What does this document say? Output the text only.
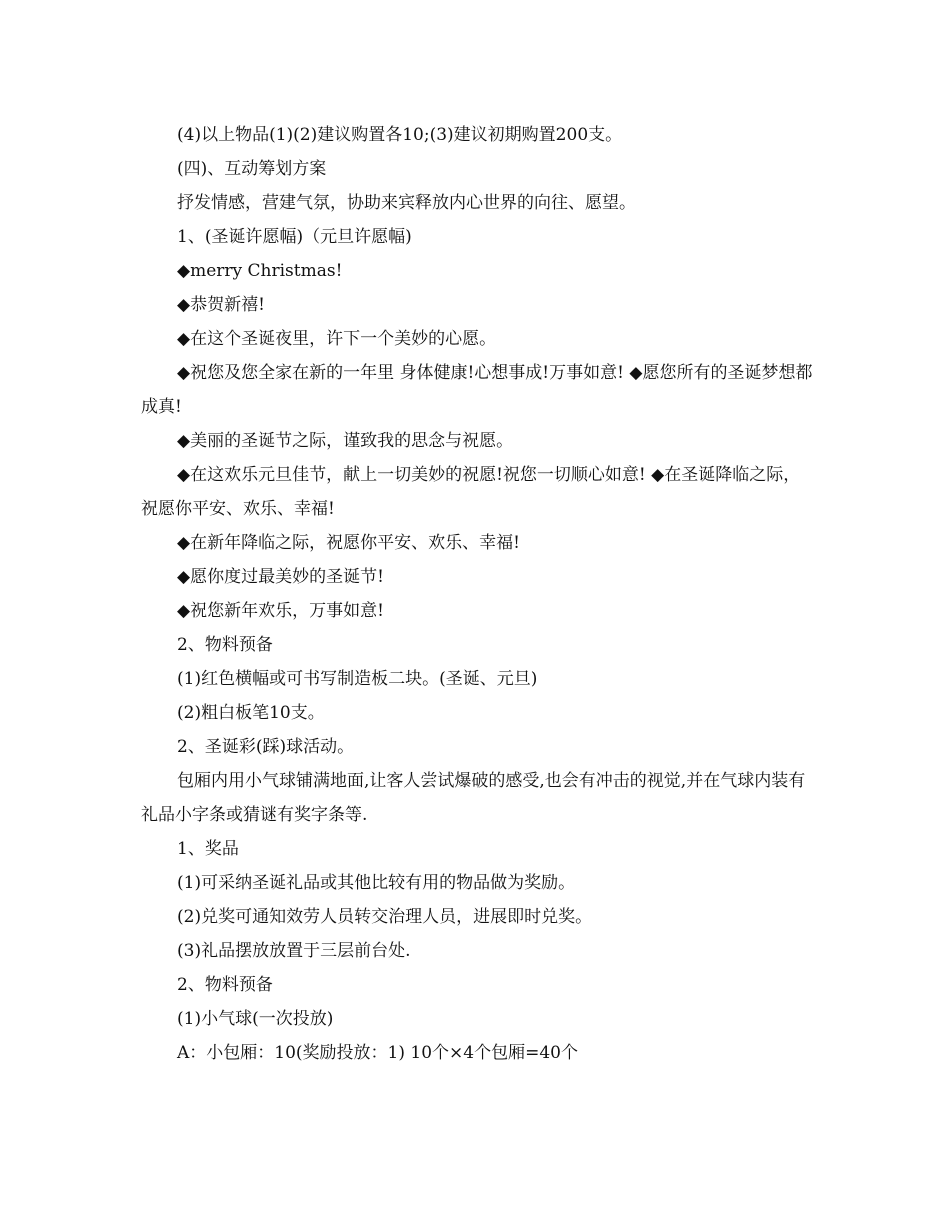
(4)以上物品(1)(2)建议购置各10;(3)建议初期购置200支。

(四)、互动筹划方案

抒发情感，营建气氛，协助来宾释放内心世界的向往、愿望。

1、(圣诞许愿幅)（元旦许愿幅)

◆merry Christmas!

◆恭贺新禧!

◆在这个圣诞夜里，许下一个美妙的心愿。

◆祝您及您全家在新的一年里 身体健康!心想事成!万事如意! ◆愿您所有的圣诞梦想都成真!

◆美丽的圣诞节之际，谨致我的思念与祝愿。

◆在这欢乐元旦佳节，献上一切美妙的祝愿!祝您一切顺心如意! ◆在圣诞降临之际，祝愿你平安、欢乐、幸福!

◆在新年降临之际，祝愿你平安、欢乐、幸福!

◆愿你度过最美妙的圣诞节!

◆祝您新年欢乐，万事如意!

2、物料预备

(1)红色横幅或可书写制造板二块。(圣诞、元旦)

(2)粗白板笔10支。

2、圣诞彩(踩)球活动。

包厢内用小气球铺满地面,让客人尝试爆破的感受,也会有冲击的视觉,并在气球内装有礼品小字条或猜谜有奖字条等.

1、奖品

(1)可采纳圣诞礼品或其他比较有用的物品做为奖励。

(2)兑奖可通知效劳人员转交治理人员，进展即时兑奖。

(3)礼品摆放放置于三层前台处.

2、物料预备

(1)小气球(一次投放)

A：小包厢：10(奖励投放：1) 10个×4个包厢=40个
